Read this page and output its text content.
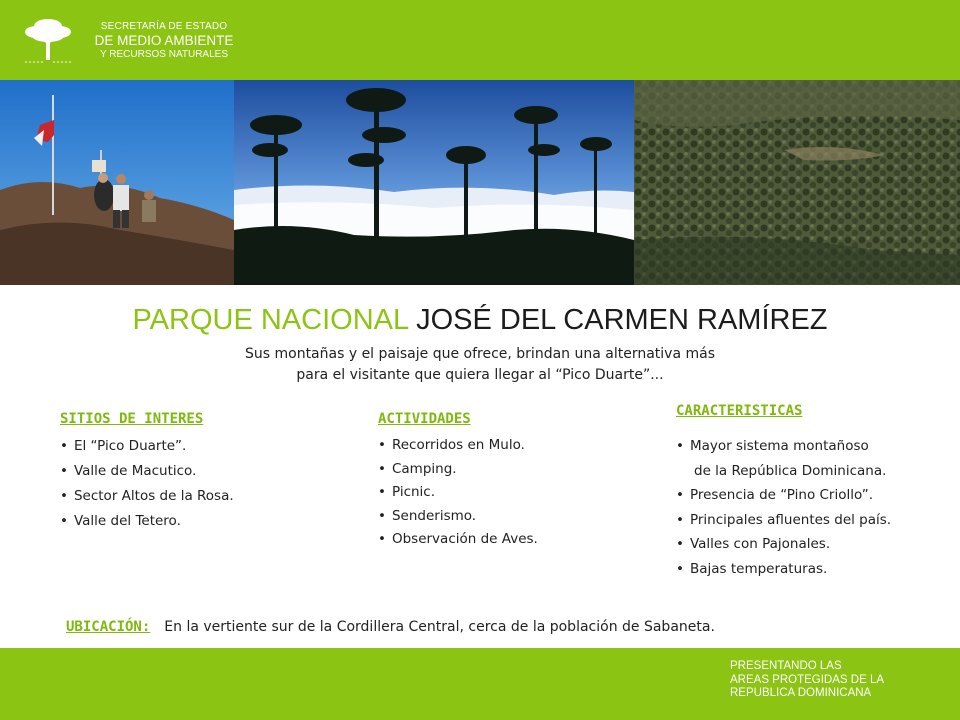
SECRETARÍA DE ESTADO
DE MEDIO AMBIENTE
Y RECURSOS NATURALES
PARQUE NACIONAL JOSÉ DEL CARMEN RAMÍREZ
Sus montañas y el paisaje que ofrece, brindan una alternativa más
para el visitante que quiera llegar al “Pico Duarte”...
SITIOS DE INTERES
• El “Pico Duarte”.
• Valle de Macutico.
• Sector Altos de la Rosa.
• Valle del Tetero.
ACTIVIDADES
• Recorridos en Mulo.
• Camping.
• Picnic.
• Senderismo.
• Observación de Aves.
CARACTERISTICAS
• Mayor sistema montañoso
de la República Dominicana.
• Presencia de “Pino Criollo”.
• Principales afluentes del país.
• Valles con Pajonales.
• Bajas temperaturas.
UBICACIÓN: En la vertiente sur de la Cordillera Central, cerca de la población de Sabaneta.
PRESENTANDO LAS
AREAS PROTEGIDAS DE LA
REPUBLICA DOMINICANA
